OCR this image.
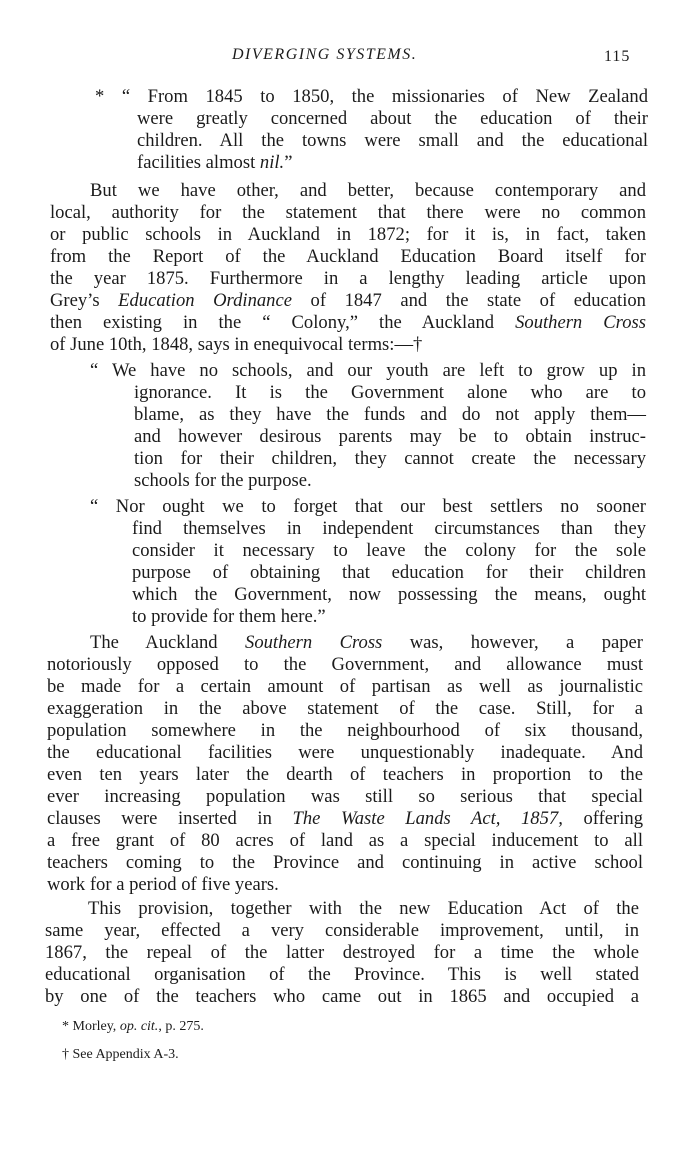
DIVERGING SYSTEMS.	115
* “ From 1845 to 1850, the missionaries of New Zealand
were greatly concerned about the education of their
children. All the towns were small and the educational
facilities almost nil.”
But we have other, and better, because contemporary and
local, authority for the statement that there were no common
or public schools in Auckland in 1872; for it is, in fact, taken
from the Report of the Auckland Education Board itself for
the year 1875. Furthermore in a lengthy leading article upon
Grey’s Education Ordinance of 1847 and the state of education
then existing in the “ Colony,” the Auckland Southern Cross
of June 10th, 1848, says in enequivocal terms:—†
“ We have no schools, and our youth are left to grow up in
ignorance. It is the Government alone who are to
blame, as they have the funds and do not apply them—
and however desirous parents may be to obtain instruc-
tion for their children, they cannot create the necessary
schools for the purpose.
“ Nor ought we to forget that our best settlers no sooner
find themselves in independent circumstances than they
consider it necessary to leave the colony for the sole
purpose of obtaining that education for their children
which the Government, now possessing the means, ought
to provide for them here.”
The Auckland Southern Cross was, however, a paper
notoriously opposed to the Government, and allowance must
be made for a certain amount of partisan as well as journalistic
exaggeration in the above statement of the case. Still, for a
population somewhere in the neighbourhood of six thousand,
the educational facilities were unquestionably inadequate. And
even ten years later the dearth of teachers in proportion to the
ever increasing population was still so serious that special
clauses were inserted in The Waste Lands Act, 1857, offering
a free grant of 80 acres of land as a special inducement to all
teachers coming to the Province and continuing in active school
work for a period of five years.
This provision, together with the new Education Act of the
same year, effected a very considerable improvement, until, in
1867, the repeal of the latter destroyed for a time the whole
educational organisation of the Province. This is well stated
by one of the teachers who came out in 1865 and occupied a
* Morley, op. cit., p. 275.
† See Appendix A-3.
